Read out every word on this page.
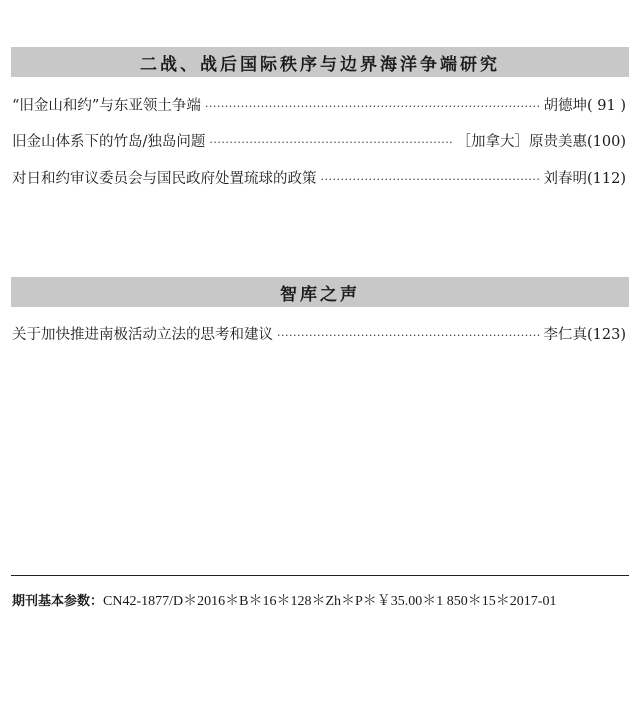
二战、战后国际秩序与边界海洋争端研究
“旧金山和约”与东亚领土争端 ·····	胡德坤 ( 91 )
旧金山体系下的竹岛/独岛问题 ·····	［加拿大］原贵美惠 (100)
对日和约审议委员会与国民政府处置琉球的政策 ·····	刘春明 (112)
智库之声
关于加快推进南极活动立法的思考和建议 ·····	李仁真 (123)
期刊基本参数： CN42-1877/D＊2016＊B＊16＊128＊Zh＊P＊￥35.00＊1 850＊15＊2017-01
